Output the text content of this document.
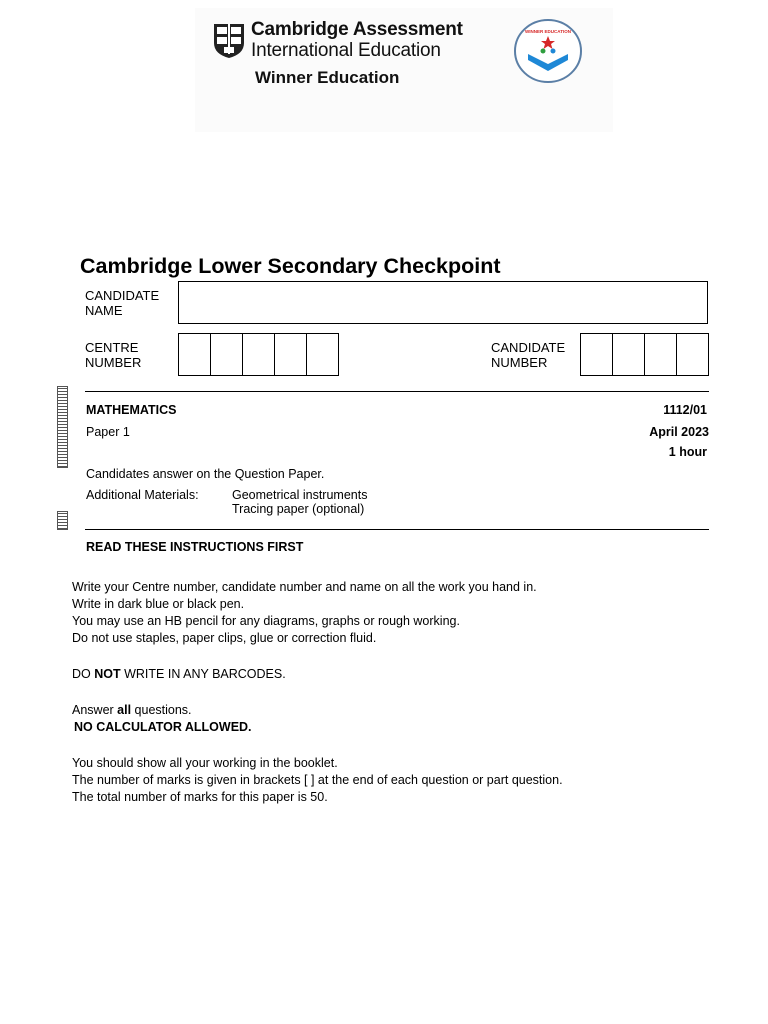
Cambridge Assessment
International Education
Winner Education
WINNER EDUCATION
Cambridge Lower Secondary Checkpoint
CANDIDATE
NAME
CENTRE
NUMBER
CANDIDATE
NUMBER
MATHEMATICS	1112/01
Paper 1	April 2023
1 hour
Candidates answer on the Question Paper.
Additional Materials:	Geometrical instruments
Tracing paper (optional)
READ THESE INSTRUCTIONS FIRST
Write your Centre number, candidate number and name on all the work you hand in.
Write in dark blue or black pen.
You may use an HB pencil for any diagrams, graphs or rough working.
Do not use staples, paper clips, glue or correction fluid.
DO NOT WRITE IN ANY BARCODES.
Answer all questions.
NO CALCULATOR ALLOWED.
You should show all your working in the booklet.
The number of marks is given in brackets [ ] at the end of each question or part question.
The total number of marks for this paper is 50.
